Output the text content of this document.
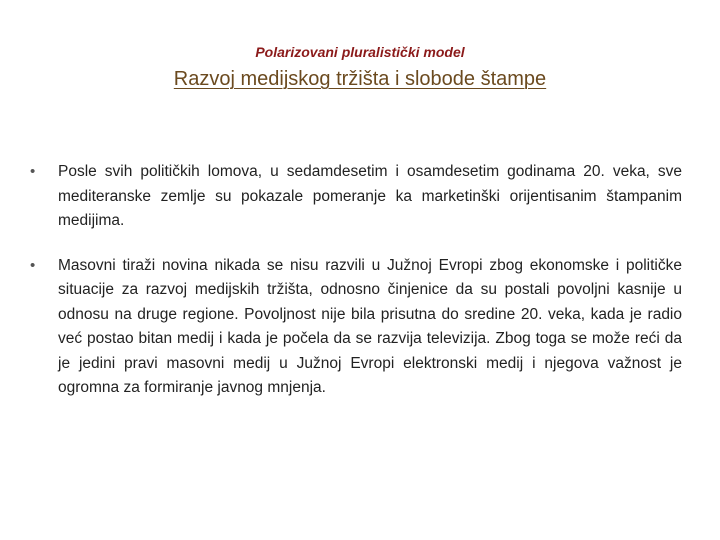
Polarizovani pluralistički model
Razvoj medijskog tržišta i slobode štampe
• Posle svih političkih lomova, u sedamdesetim i osamdesetim godinama 20. veka, sve mediteranske zemlje su pokazale pomeranje ka marketinški orijentisanim štampanim medijima.
• Masovni tiraži novina nikada se nisu razvili u Južnoj Evropi zbog ekonomske i političke situacije za razvoj medijskih tržišta, odnosno činjenice da su postali povoljni kasnije u odnosu na druge regione. Povoljnost nije bila prisutna do sredine 20. veka, kada je radio već postao bitan medij i kada je počela da se razvija televizija. Zbog toga se može reći da je jedini pravi masovni medij u Južnoj Evropi elektronski medij i njegova važnost je ogromna za formiranje javnog mnjenja.
